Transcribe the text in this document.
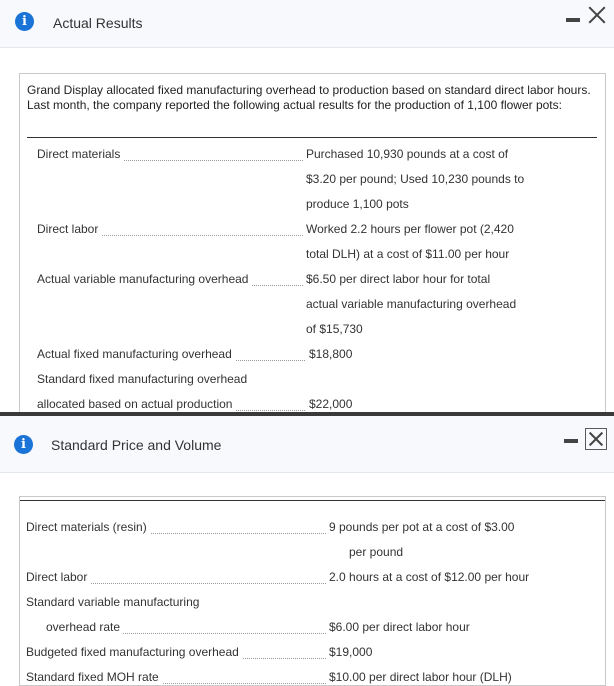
i	Actual Results
Grand Display allocated fixed manufacturing overhead to production based on standard direct labor hours. Last month, the company reported the following actual results for the production of 1,100 flower pots:
Direct materials	Purchased 10,930 pounds at a cost of
$3.20 per pound; Used 10,230 pounds to
produce 1,100 pots
Direct labor	Worked 2.2 hours per flower pot (2,420
total DLH) at a cost of $11.00 per hour
Actual variable manufacturing overhead	$6.50 per direct labor hour for total
actual variable manufacturing overhead
of $15,730
Actual fixed manufacturing overhead	$18,800
Standard fixed manufacturing overhead
allocated based on actual production	$22,000
i	Standard Price and Volume
Direct materials (resin)	9 pounds per pot at a cost of $3.00
per pound
Direct labor	2.0 hours at a cost of $12.00 per hour
Standard variable manufacturing
overhead rate	$6.00 per direct labor hour
Budgeted fixed manufacturing overhead	$19,000
Standard fixed MOH rate	$10.00 per direct labor hour (DLH)
